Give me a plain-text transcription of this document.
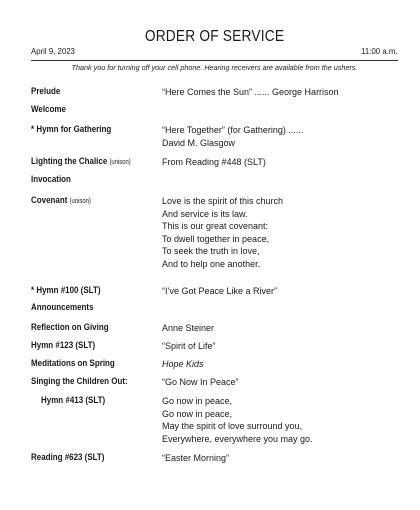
April 9, 2023
ORDER OF SERVICE
11:00 a.m.
Thank you for turning off your cell phone. Hearing receivers are available from the ushers.
Prelude	“Here Comes the Sun” ...... George Harrison
Welcome
* Hymn for Gathering	“Here Together” (for Gathering) ......
David M. Glasgow
Lighting the Chalice (unison)	From Reading #448 (SLT)
Invocation
Covenant (unison)	Love is the spirit of this church
And service is its law.
This is our great covenant:
To dwell together in peace,
To seek the truth in love,
And to help one another.
* Hymn #100 (SLT)	“I’ve Got Peace Like a River”
Announcements
Reflection on Giving	Anne Steiner
Hymn #123 (SLT)	“Spirit of Life”
Meditations on Spring	Hope Kids
Singing the Children Out:	“Go Now In Peace”
Hymn #413 (SLT)	Go now in peace,
Go now in peace,
May the spirit of love surround you,
Everywhere, everywhere you may go.
Reading #623 (SLT)	“Easter Morning”
